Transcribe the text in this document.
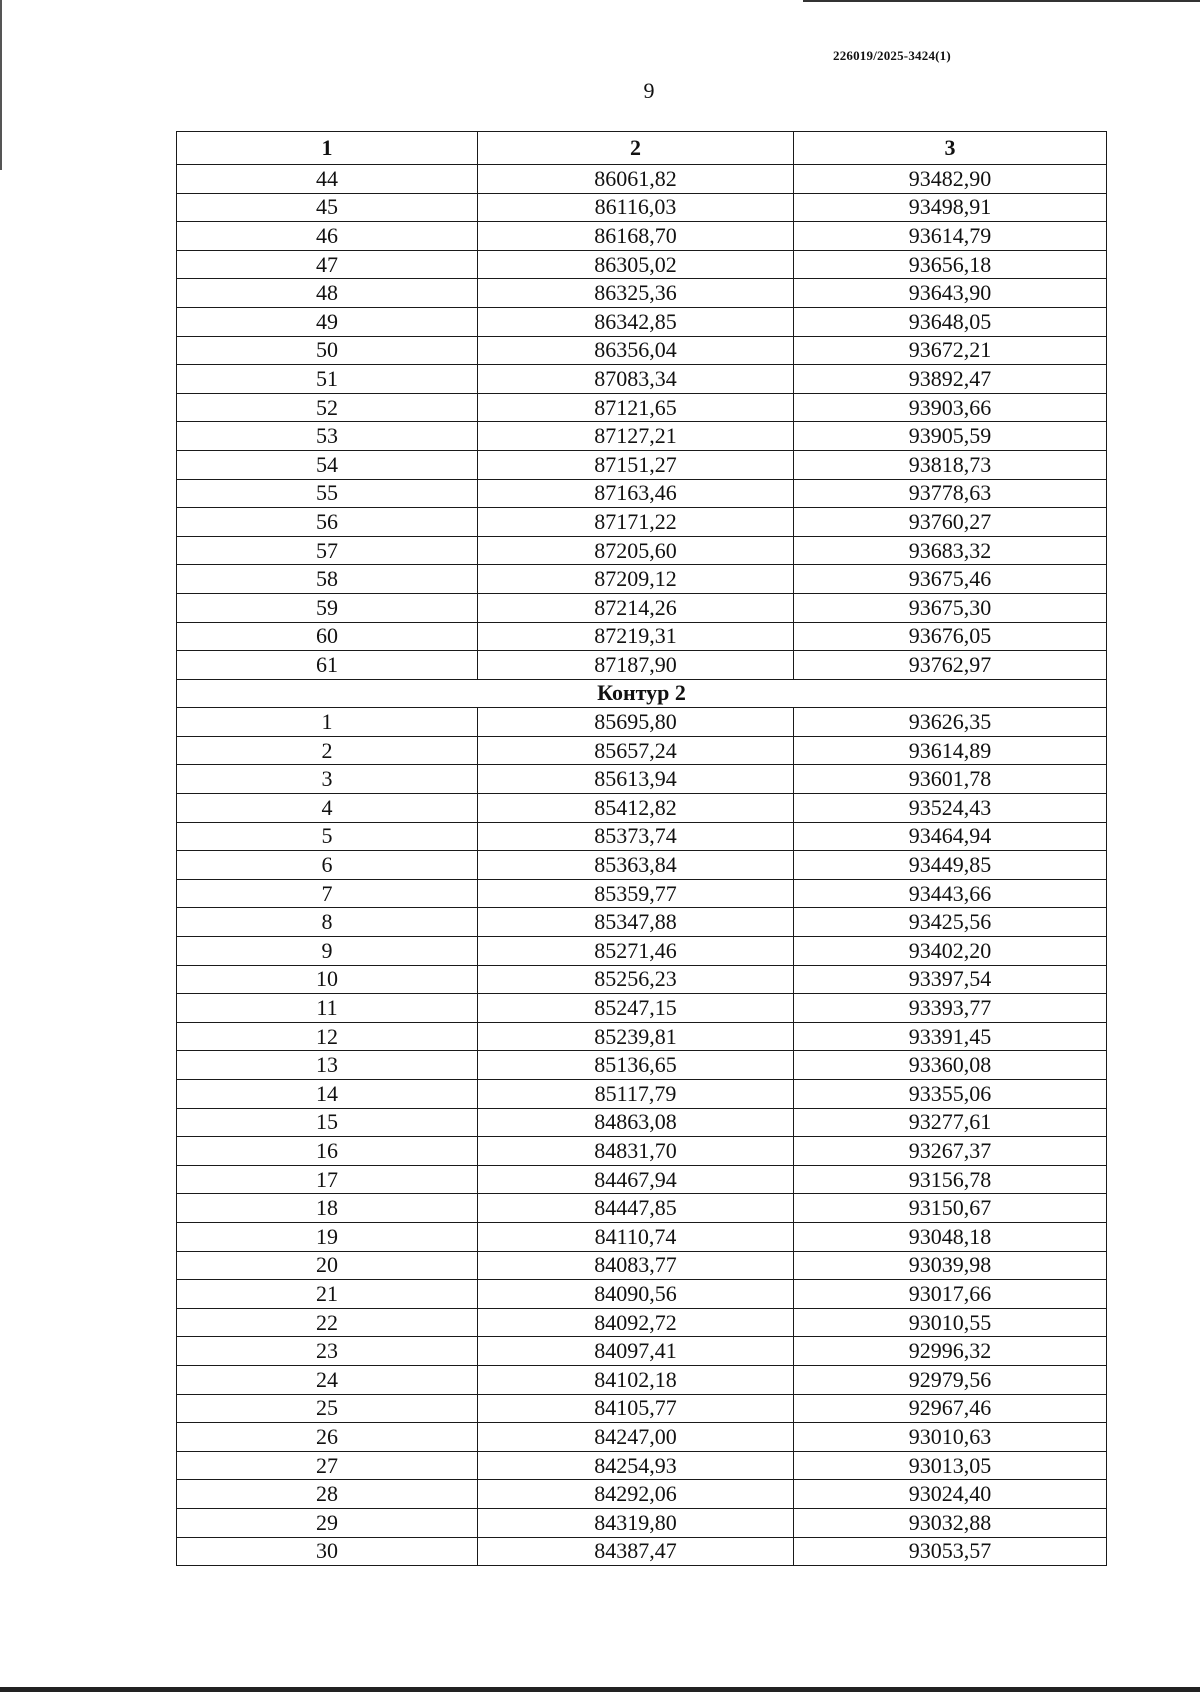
226019/2025-3424(1)
9
1	2	3
44	86061,82	93482,90
45	86116,03	93498,91
46	86168,70	93614,79
47	86305,02	93656,18
48	86325,36	93643,90
49	86342,85	93648,05
50	86356,04	93672,21
51	87083,34	93892,47
52	87121,65	93903,66
53	87127,21	93905,59
54	87151,27	93818,73
55	87163,46	93778,63
56	87171,22	93760,27
57	87205,60	93683,32
58	87209,12	93675,46
59	87214,26	93675,30
60	87219,31	93676,05
61	87187,90	93762,97
Контур 2		
1	85695,80	93626,35
2	85657,24	93614,89
3	85613,94	93601,78
4	85412,82	93524,43
5	85373,74	93464,94
6	85363,84	93449,85
7	85359,77	93443,66
8	85347,88	93425,56
9	85271,46	93402,20
10	85256,23	93397,54
11	85247,15	93393,77
12	85239,81	93391,45
13	85136,65	93360,08
14	85117,79	93355,06
15	84863,08	93277,61
16	84831,70	93267,37
17	84467,94	93156,78
18	84447,85	93150,67
19	84110,74	93048,18
20	84083,77	93039,98
21	84090,56	93017,66
22	84092,72	93010,55
23	84097,41	92996,32
24	84102,18	92979,56
25	84105,77	92967,46
26	84247,00	93010,63
27	84254,93	93013,05
28	84292,06	93024,40
29	84319,80	93032,88
30	84387,47	93053,57
